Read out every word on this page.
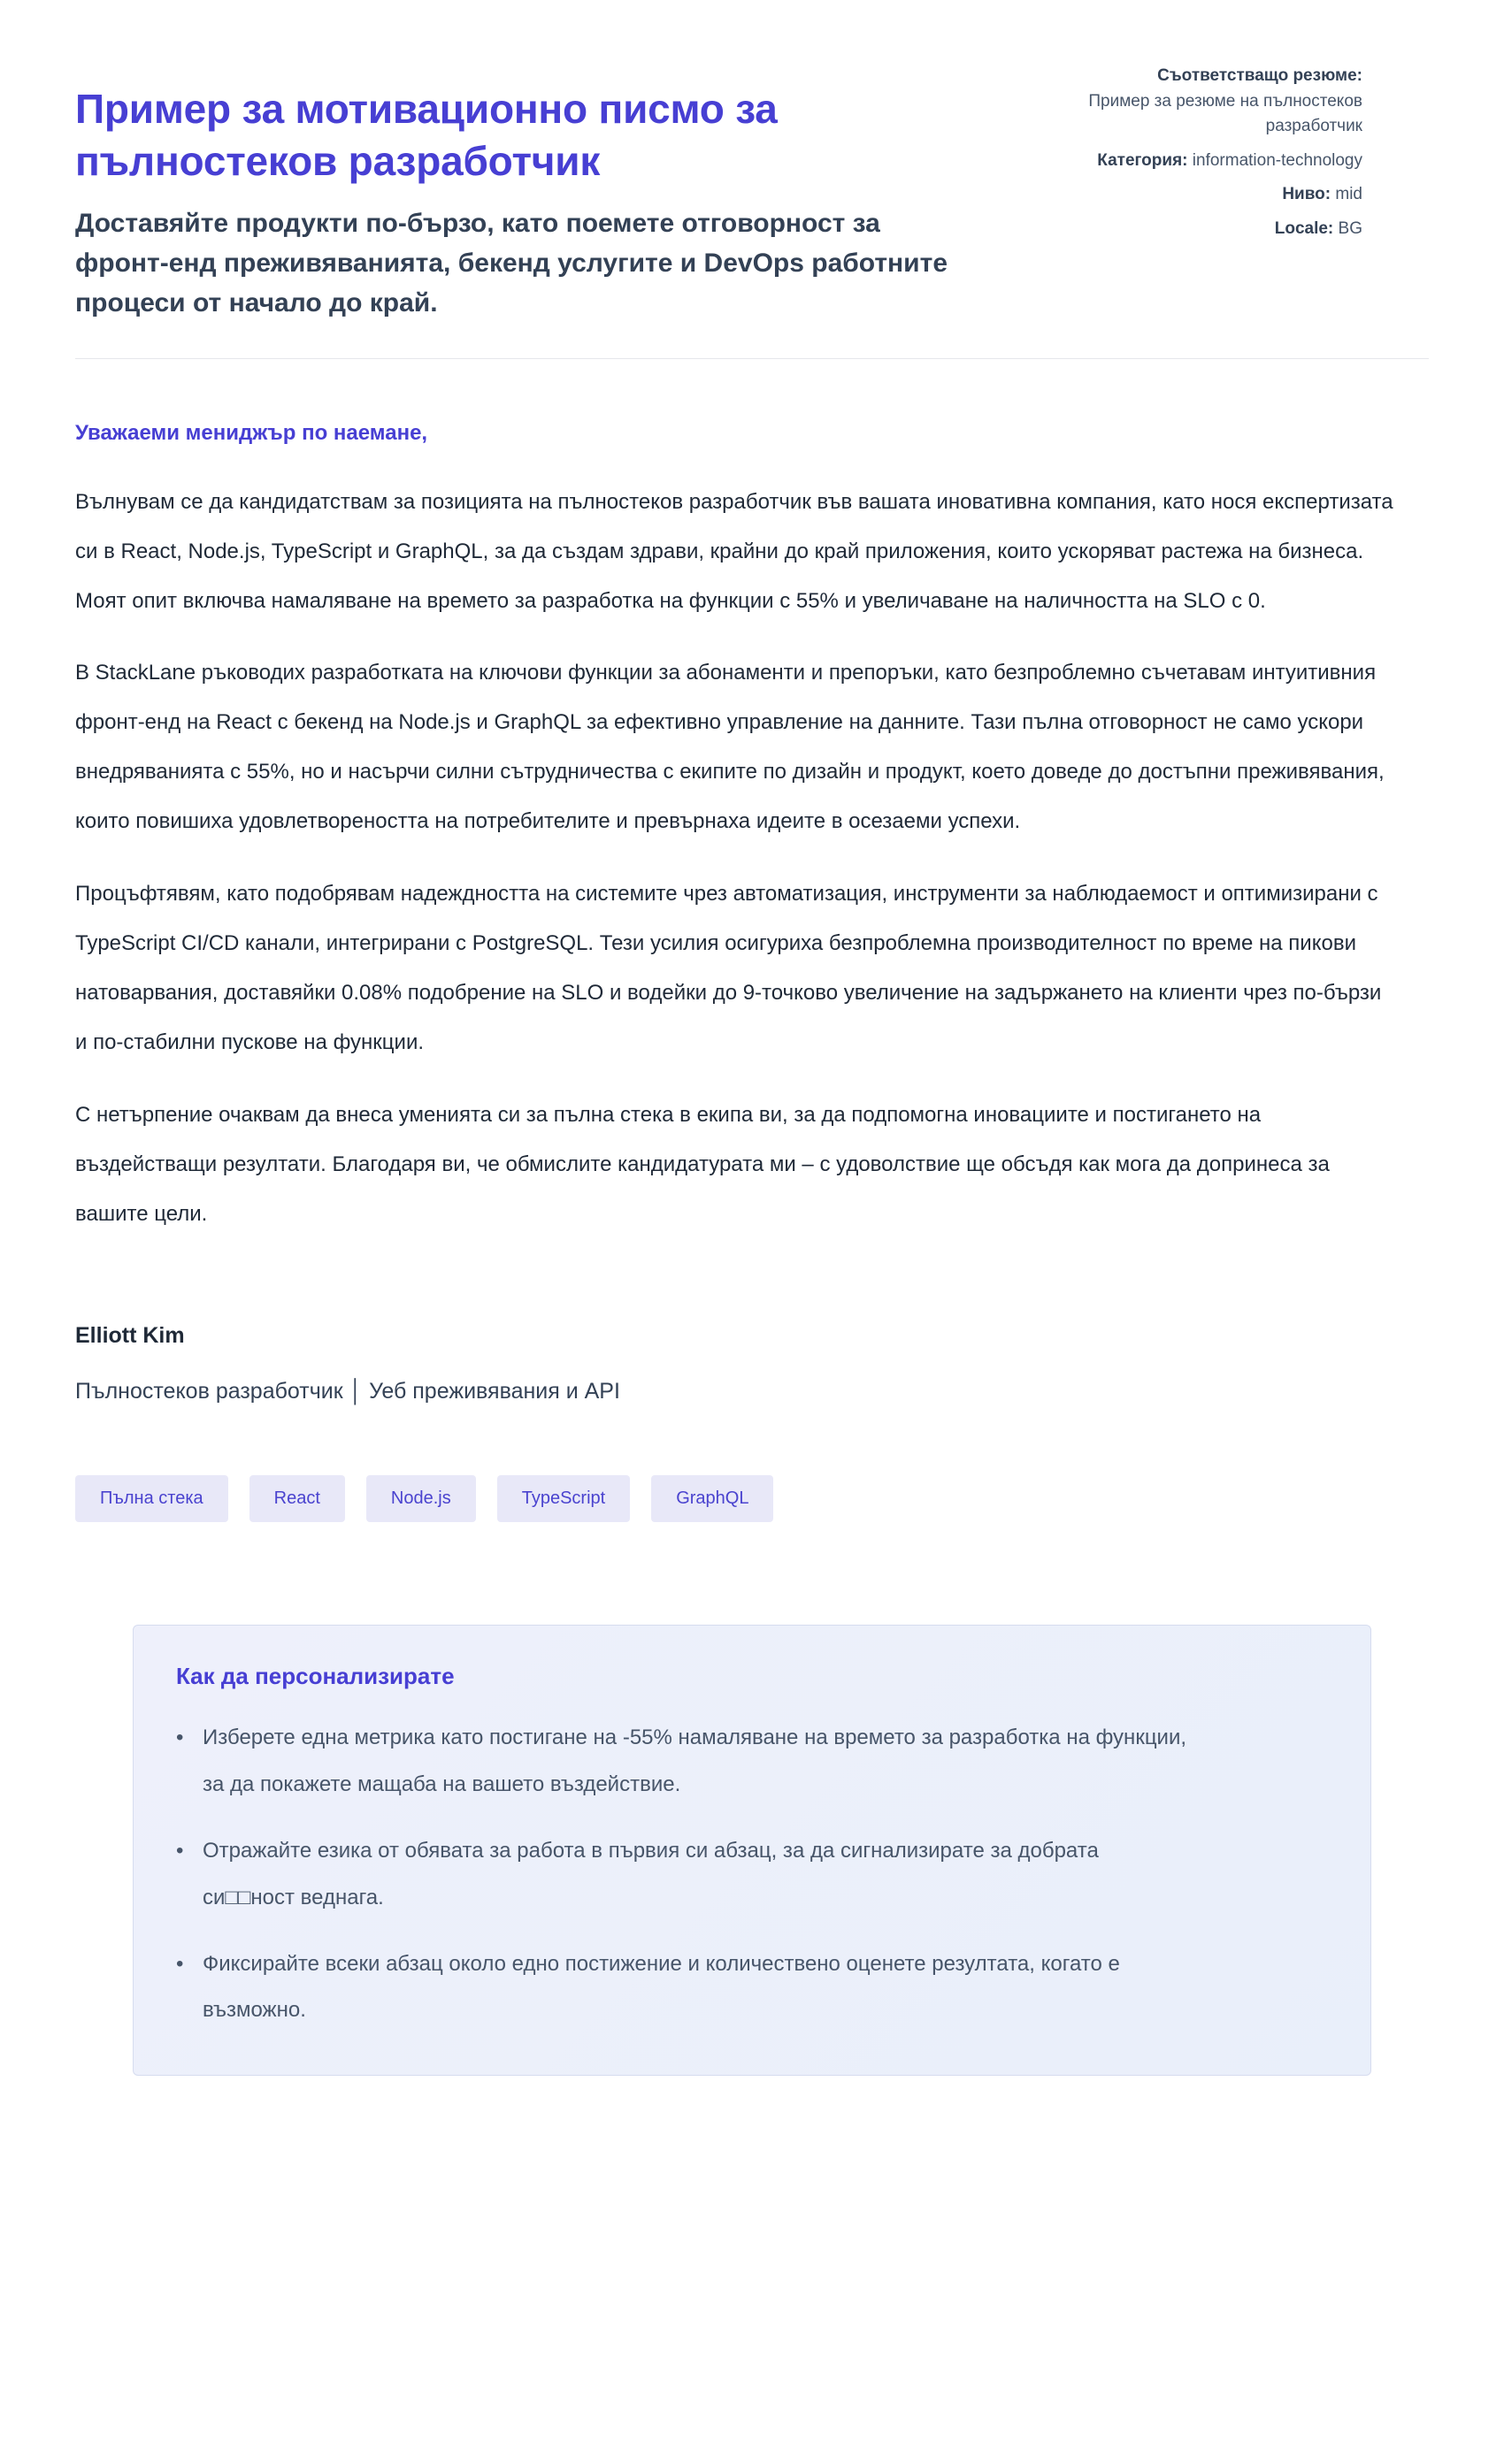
Пример за мотивационно писмо за пълностеков разработчик

Доставяйте продукти по-бързо, като поемете отговорност за фронт-енд преживяванията, бекенд услугите и DevOps работните процеси от начало до край.

Съответстващо резюме:
Пример за резюме на пълностеков разработчик
Категория: information-technology
Ниво: mid
Locale: BG

Уважаеми мениджър по наемане,

Вълнувам се да кандидатствам за позицията на пълностеков разработчик във вашата иновативна компания, като нося експертизата си в React, Node.js, TypeScript и GraphQL, за да създам здрави, крайни до край приложения, които ускоряват растежа на бизнеса. Моят опит включва намаляване на времето за разработка на функции с 55% и увеличаване на наличността на SLO с 0.

В StackLane ръководих разработката на ключови функции за абонаменти и препоръки, като безпроблемно съчетавам интуитивния фронт-енд на React с бекенд на Node.js и GraphQL за ефективно управление на данните. Тази пълна отговорност не само ускори внедряванията с 55%, но и насърчи силни сътрудничества с екипите по дизайн и продукт, което доведе до достъпни преживявания, които повишиха удовлетвореността на потребителите и превърнаха идеите в осезаеми успехи.

Процъфтявям, като подобрявам надеждността на системите чрез автоматизация, инструменти за наблюдаемост и оптимизирани с TypeScript CI/CD канали, интегрирани с PostgreSQL. Тези усилия осигуриха безпроблемна производителност по време на пикови натоварвания, доставяйки 0.08% подобрение на SLO и водейки до 9-точково увеличение на задържането на клиенти чрез по-бързи и по-стабилни пускове на функции.

С нетърпение очаквам да внеса уменията си за пълна стека в екипа ви, за да подпомогна иновациите и постигането на въздействащи резултати. Благодаря ви, че обмислите кандидатурата ми – с удоволствие ще обсъдя как мога да допринеса за вашите цели.

Elliott Kim

Пълностеков разработчик │ Уеб преживявания и API

Пълна стека	React	Node.js	TypeScript	GraphQL
Как да персонализирате
• Изберете една метрика като постигане на -55% намаляване на времето за разработка на функции, за да покажете мащаба на вашето въздействие.
• Отражайте езика от обявата за работа в първия си абзац, за да сигнализирате за добрата си□□ност веднага.
• Фиксирайте всеки абзац около едно постижение и количествено оценете резултата, когато е възможно.
